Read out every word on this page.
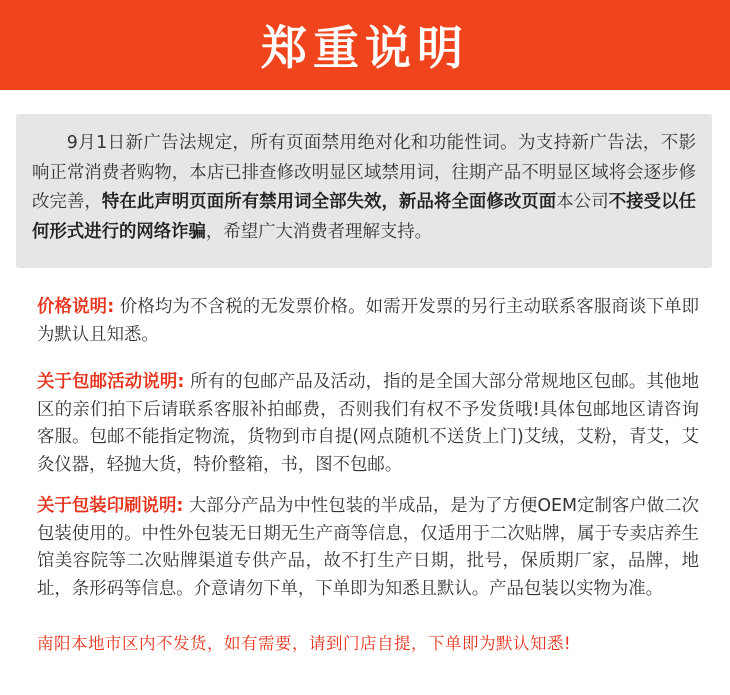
郑重说明

9月1日新广告法规定，所有页面禁用绝对化和功能性词。为支持新广告法，不影响正常消费者购物，本店已排查修改明显区域禁用词，往期产品不明显区域将会逐步修改完善，特在此声明页面所有禁用词全部失效，新品将全面修改页面本公司不接受以任何形式进行的网络诈骗，希望广大消费者理解支持。

价格说明: 价格均为不含税的无发票价格。如需开发票的另行主动联系客服商谈下单即为默认且知悉。

关于包邮活动说明: 所有的包邮产品及活动，指的是全国大部分常规地区包邮。其他地区的亲们拍下后请联系客服补拍邮费，否则我们有权不予发货哦!具体包邮地区请咨询客服。包邮不能指定物流，货物到市自提(网点随机不送货上门)艾绒，艾粉，青艾，艾灸仪器，轻抛大货，特价整箱，书，图不包邮。

关于包装印刷说明: 大部分产品为中性包装的半成品，是为了方便OEM定制客户做二次包装使用的。中性外包装无日期无生产商等信息，仅适用于二次贴牌，属于专卖店养生馆美容院等二次贴牌渠道专供产品，故不打生产日期，批号，保质期厂家，品牌，地址，条形码等信息。介意请勿下单，下单即为知悉且默认。产品包装以实物为准。

南阳本地市区内不发货，如有需要，请到门店自提，下单即为默认知悉!
